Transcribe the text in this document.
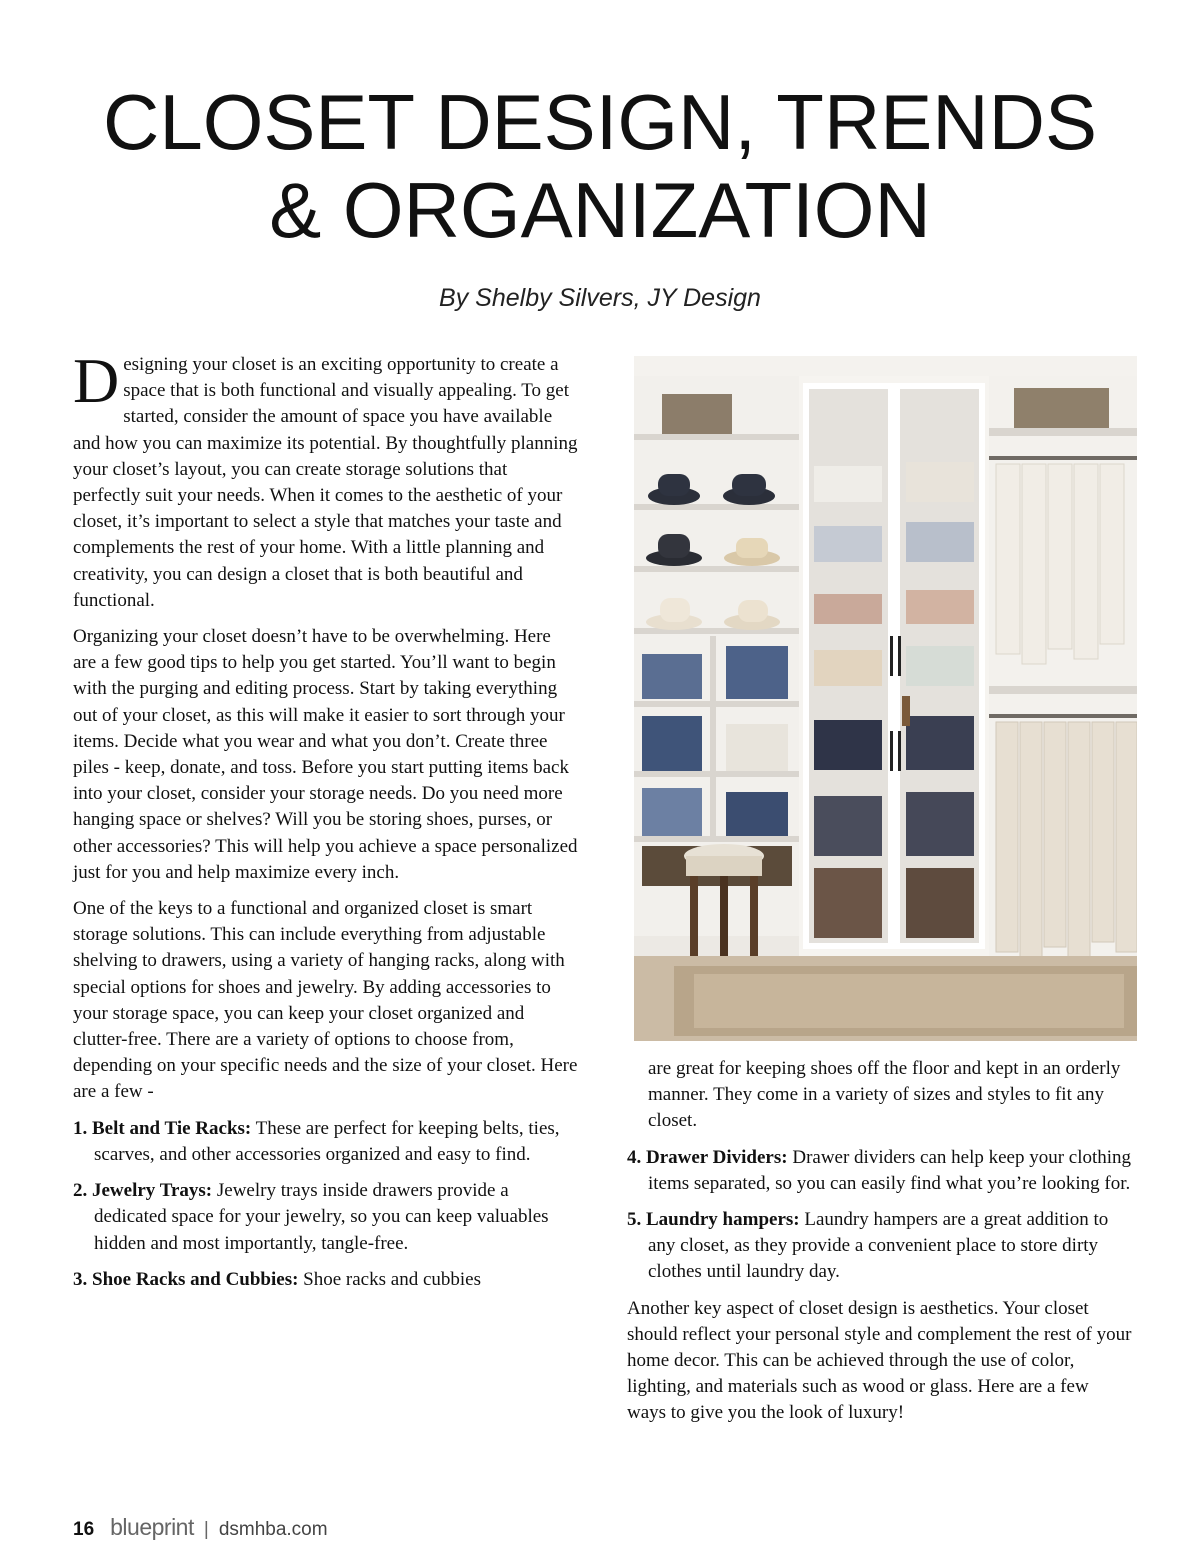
CLOSET DESIGN, TRENDS
& ORGANIZATION
By Shelby Silvers, JY Design

Designing your closet is an exciting opportunity to create a space that is both functional and visually appealing. To get started, consider the amount of space you have available and how you can maximize its potential. By thoughtfully planning your closet’s layout, you can create storage solutions that perfectly suit your needs. When it comes to the aesthetic of your closet, it’s important to select a style that matches your taste and complements the rest of your home. With a little planning and creativity, you can design a closet that is both beautiful and functional.

Organizing your closet doesn’t have to be overwhelming. Here are a few good tips to help you get started. You’ll want to begin with the purging and editing process. Start by taking everything out of your closet, as this will make it easier to sort through your items. Decide what you wear and what you don’t. Create three piles - keep, donate, and toss. Before you start putting items back into your closet, consider your storage needs. Do you need more hanging space or shelves? Will you be storing shoes, purses, or other accessories? This will help you achieve a space personalized just for you and help maximize every inch.

One of the keys to a functional and organized closet is smart storage solutions. This can include everything from adjustable shelving to drawers, using a variety of hanging racks, along with special options for shoes and jewelry. By adding accessories to your storage space, you can keep your closet organized and clutter-free. There are a variety of options to choose from, depending on your specific needs and the size of your closet. Here are a few -

1. Belt and Tie Racks: These are perfect for keeping belts, ties, scarves, and other accessories organized and easy to find.
2. Jewelry Trays: Jewelry trays inside drawers provide a dedicated space for your jewelry, so you can keep valuables hidden and most importantly, tangle-free.
3. Shoe Racks and Cubbies: Shoe racks and cubbies

are great for keeping shoes off the floor and kept in an orderly manner. They come in a variety of sizes and styles to fit any closet.

4. Drawer Dividers: Drawer dividers can help keep your clothing items separated, so you can easily find what you’re looking for.
5. Laundry hampers: Laundry hampers are a great addition to any closet, as they provide a convenient place to store dirty clothes until laundry day.

Another key aspect of closet design is aesthetics. Your closet should reflect your personal style and complement the rest of your home decor. This can be achieved through the use of color, lighting, and materials such as wood or glass. Here are a few ways to give you the look of luxury!

16 blueprint | dsmhba.com
